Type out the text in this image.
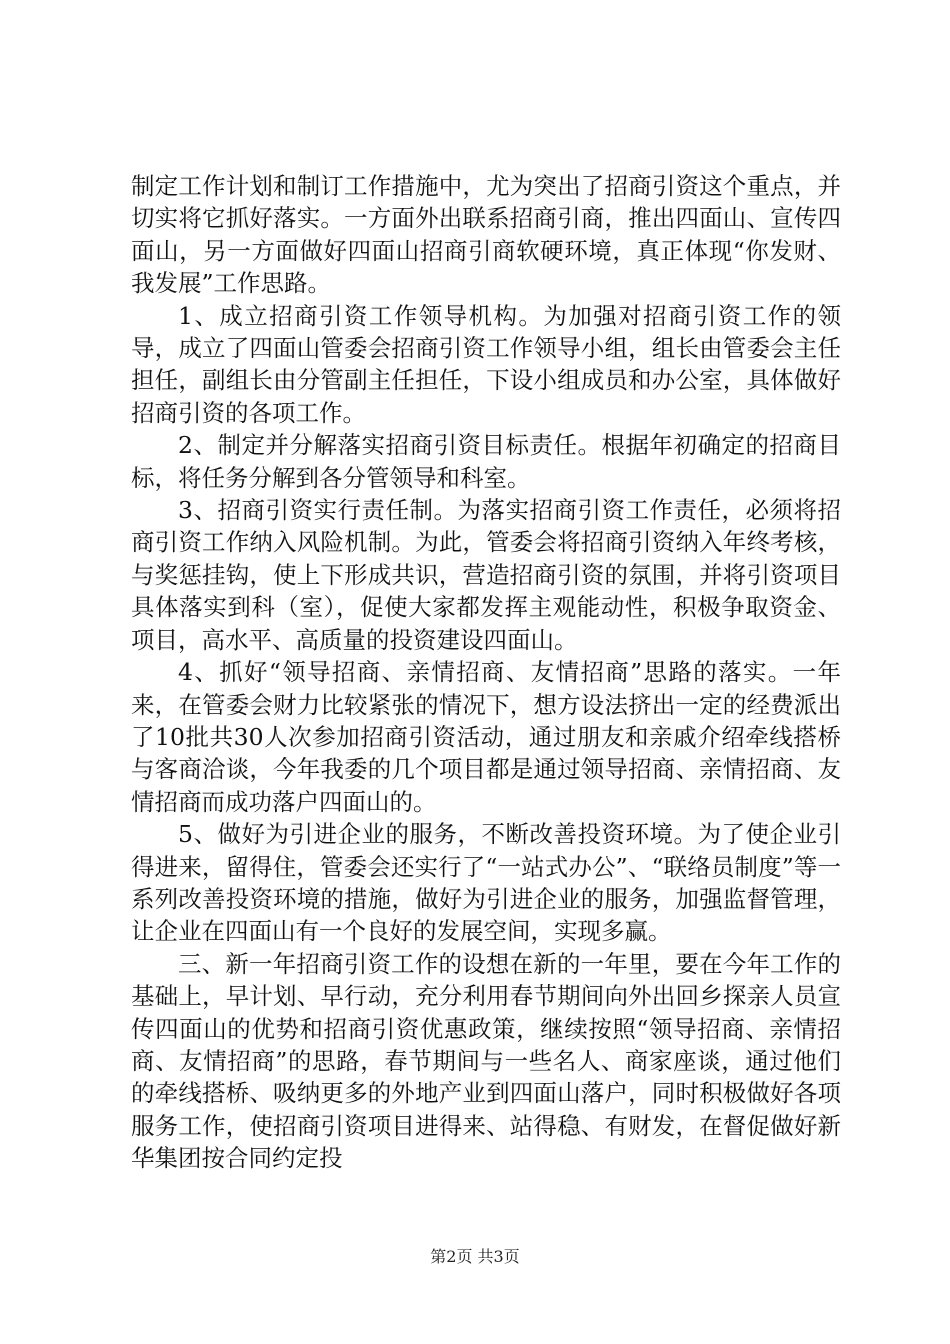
制定工作计划和制订工作措施中，尤为突出了招商引资这个重点，并切实将它抓好落实。一方面外出联系招商引商，推出四面山、宣传四面山，另一方面做好四面山招商引商软硬环境，真正体现“你发财、我发展”工作思路。

1、成立招商引资工作领导机构。为加强对招商引资工作的领导，成立了四面山管委会招商引资工作领导小组，组长由管委会主任担任，副组长由分管副主任担任，下设小组成员和办公室，具体做好招商引资的各项工作。

2、制定并分解落实招商引资目标责任。根据年初确定的招商目标，将任务分解到各分管领导和科室。

3、招商引资实行责任制。为落实招商引资工作责任，必须将招商引资工作纳入风险机制。为此，管委会将招商引资纳入年终考核，与奖惩挂钩，使上下形成共识，营造招商引资的氛围，并将引资项目具体落实到科（室），促使大家都发挥主观能动性，积极争取资金、项目，高水平、高质量的投资建设四面山。

4、抓好“领导招商、亲情招商、友情招商”思路的落实。一年来，在管委会财力比较紧张的情况下，想方设法挤出一定的经费派出了10批共30人次参加招商引资活动，通过朋友和亲戚介绍牵线搭桥与客商洽谈，今年我委的几个项目都是通过领导招商、亲情招商、友情招商而成功落户四面山的。

5、做好为引进企业的服务，不断改善投资环境。为了使企业引得进来，留得住，管委会还实行了“一站式办公”、“联络员制度”等一系列改善投资环境的措施，做好为引进企业的服务，加强监督管理，让企业在四面山有一个良好的发展空间，实现多赢。

三、新一年招商引资工作的设想在新的一年里，要在今年工作的基础上，早计划、早行动，充分利用春节期间向外出回乡探亲人员宣传四面山的优势和招商引资优惠政策，继续按照“领导招商、亲情招商、友情招商”的思路，春节期间与一些名人、商家座谈，通过他们的牵线搭桥、吸纳更多的外地产业到四面山落户，同时积极做好各项服务工作，使招商引资项目进得来、站得稳、有财发，在督促做好新华集团按合同约定投

第2页 共3页
